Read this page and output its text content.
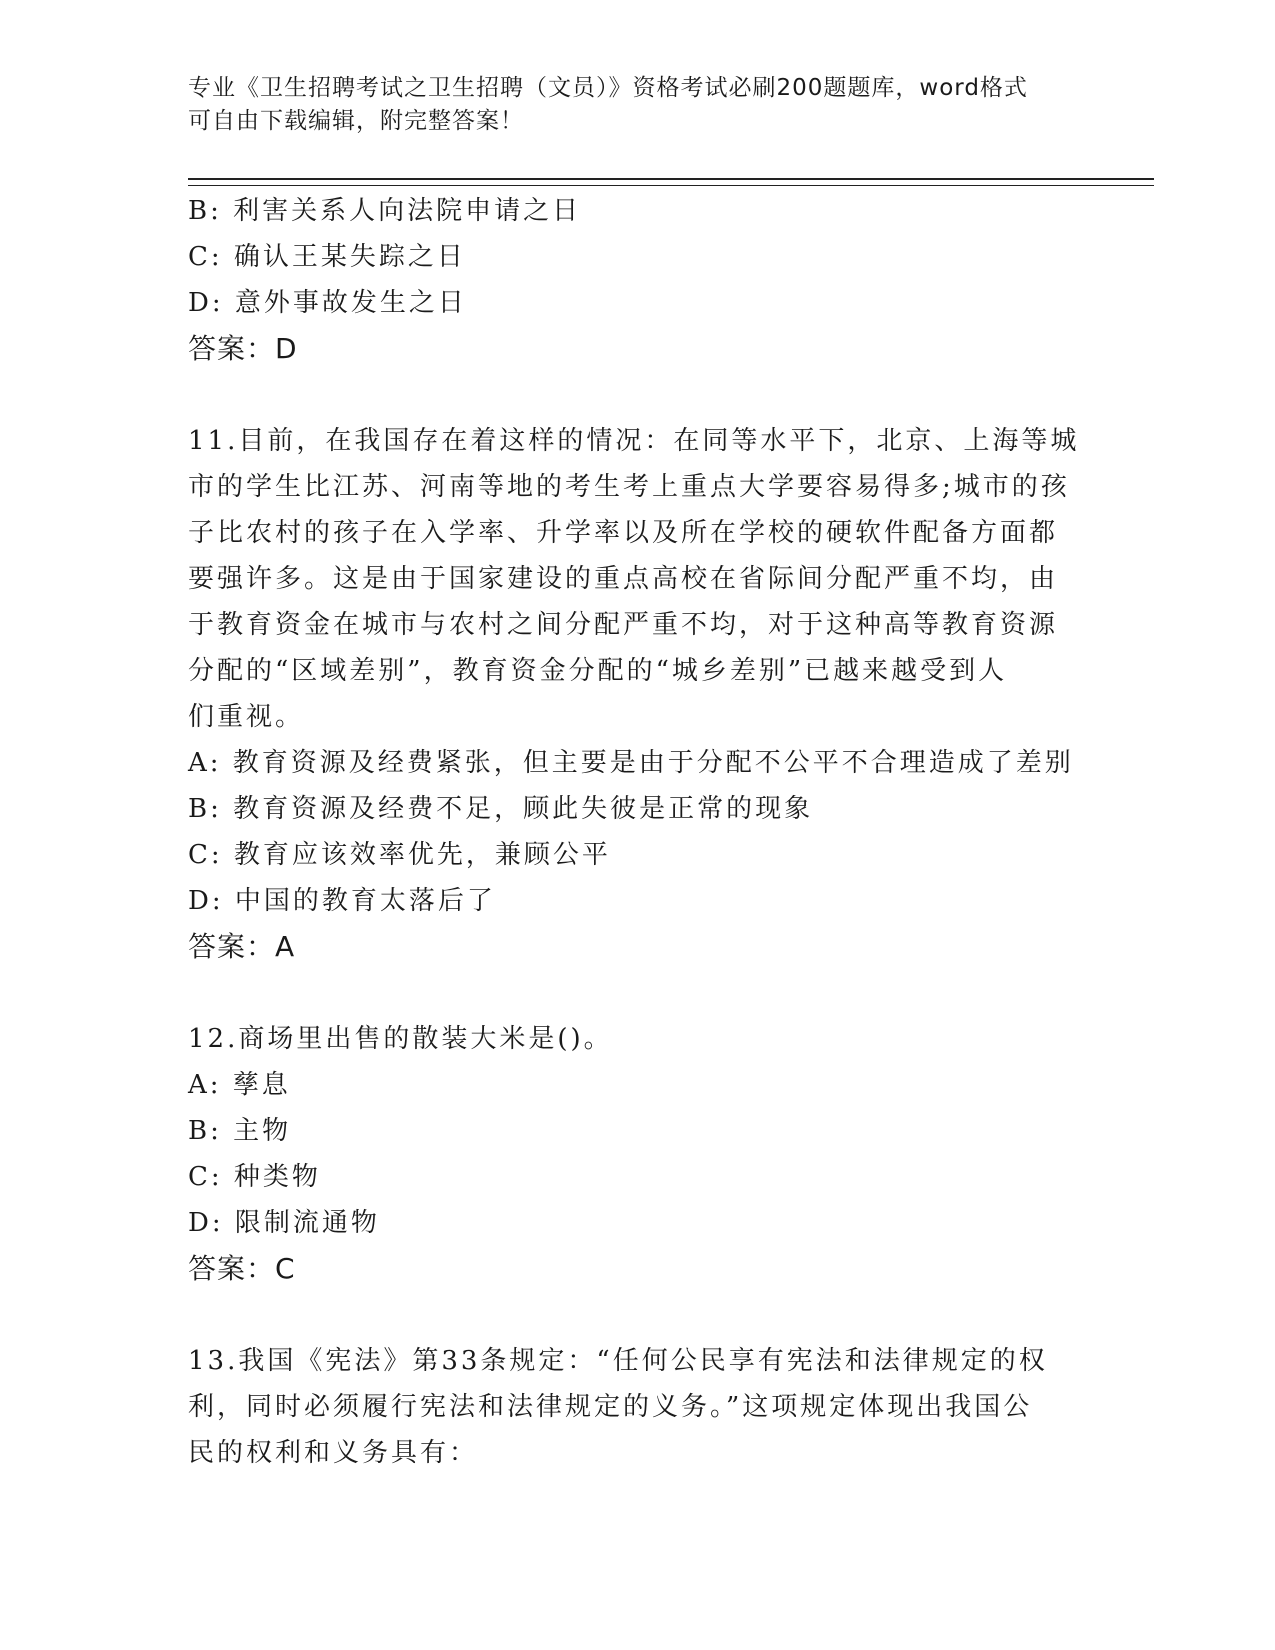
专业《卫生招聘考试之卫生招聘（文员）》资格考试必刷200题题库，word格式
可自由下载编辑，附完整答案！
B: 利害关系人向法院申请之日
C: 确认王某失踪之日
D: 意外事故发生之日
答案：D
11.目前，在我国存在着这样的情况：在同等水平下，北京、上海等城
市的学生比江苏、河南等地的考生考上重点大学要容易得多;城市的孩
子比农村的孩子在入学率、升学率以及所在学校的硬软件配备方面都
要强许多。这是由于国家建设的重点高校在省际间分配严重不均，由
于教育资金在城市与农村之间分配严重不均，对于这种高等教育资源
分配的“区域差别”，教育资金分配的“城乡差别”已越来越受到人
们重视。
A: 教育资源及经费紧张，但主要是由于分配不公平不合理造成了差别
B: 教育资源及经费不足，顾此失彼是正常的现象
C: 教育应该效率优先，兼顾公平
D: 中国的教育太落后了
答案：A
12.商场里出售的散装大米是()。
A: 孳息
B: 主物
C: 种类物
D: 限制流通物
答案：C
13.我国《宪法》第33条规定：“任何公民享有宪法和法律规定的权
利，同时必须履行宪法和法律规定的义务。”这项规定体现出我国公
民的权利和义务具有：
